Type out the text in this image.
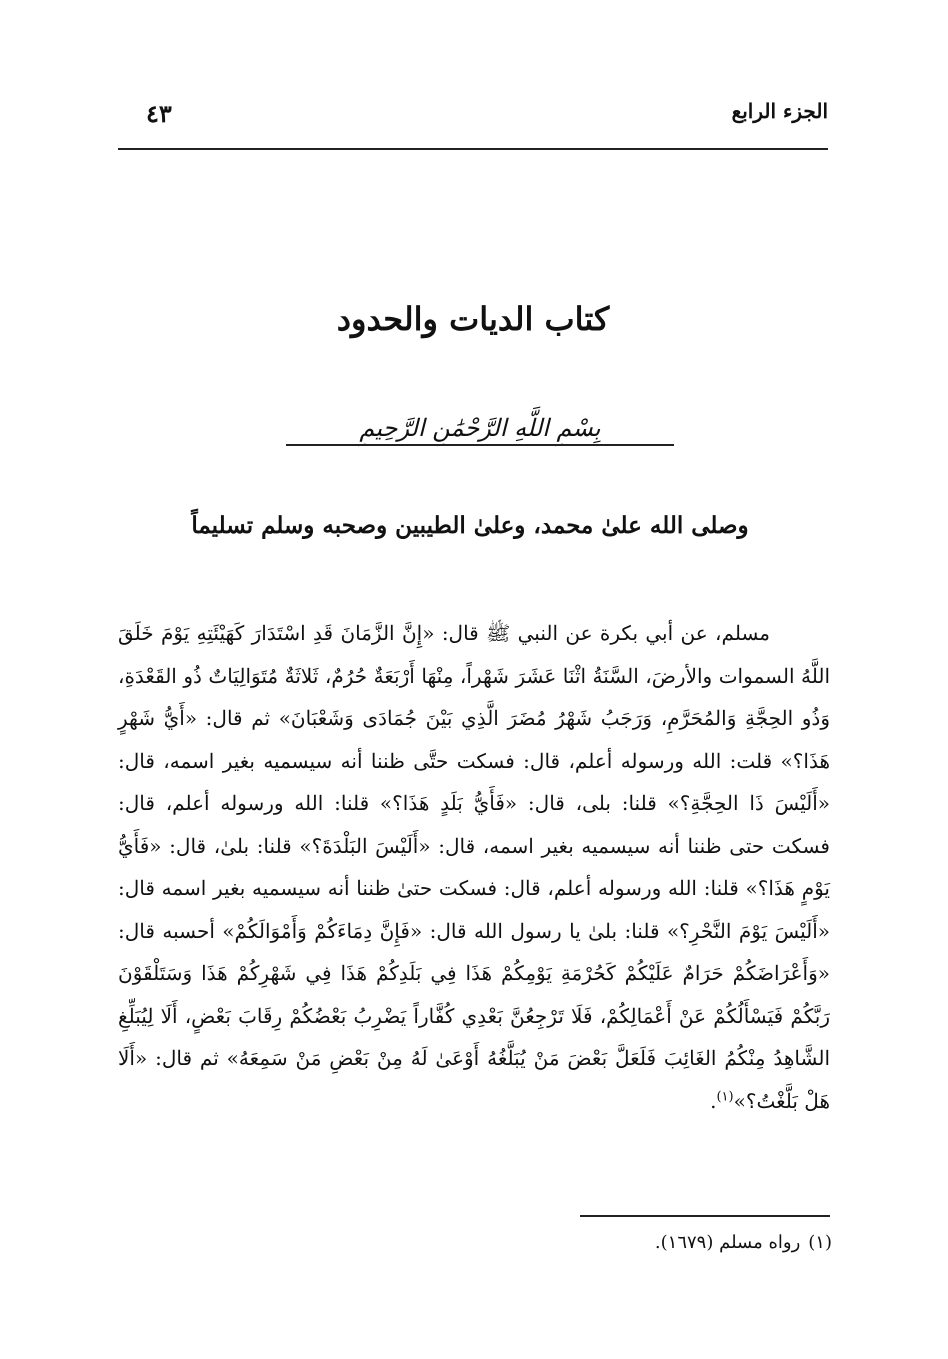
الجزء الرابع
٤٣
كتاب الديات والحدود
بِسْمِ اللَّهِ الرَّحْمَٰنِ الرَّحِيمِ
وصلى الله علىٰ محمد، وعلىٰ الطيبين وصحبه وسلم تسليماً
مسلم، عن أبي بكرة عن النبي ﷺ قال: «إِنَّ الزَّمَانَ قَدِ اسْتَدَارَ كَهَيْئَتِهِ يَوْمَ خَلَقَ اللَّهُ السموات والأرضَ، السَّنَةُ اثْنَا عَشَرَ شَهْراً، مِنْهَا أَرْبَعَةٌ حُرُمٌ، ثَلاثَةٌ مُتَوَالِيَاتٌ ذُو القَعْدَةِ، وَذُو الحِجَّةِ وَالمُحَرَّمِ، وَرَجَبُ شَهْرُ مُضَرَ الَّذِي بَيْنَ جُمَادَى وَشَعْبَانَ» ثم قال: «أَيُّ شَهْرٍ هَذَا؟» قلت: الله ورسوله أعلم، قال: فسكت حتَّى ظننا أنه سيسميه بغير اسمه، قال: «أَلَيْسَ ذَا الحِجَّةِ؟» قلنا: بلى، قال: «فَأَيُّ بَلَدٍ هَذَا؟» قلنا: الله ورسوله أعلم، قال: فسكت حتى ظننا أنه سيسميه بغير اسمه، قال: «أَلَيْسَ البَلْدَةَ؟» قلنا: بلىٰ، قال: «فَأَيُّ يَوْمٍ هَذَا؟» قلنا: الله ورسوله أعلم، قال: فسكت حتىٰ ظننا أنه سيسميه بغير اسمه قال: «أَلَيْسَ يَوْمَ النَّحْرِ؟» قلنا: بلىٰ يا رسول الله قال: «فَإِنَّ دِمَاءَكُمْ وَأَمْوَالَكُمْ» أحسبه قال: «وَأَعْرَاضَكُمْ حَرَامٌ عَلَيْكُمْ كَحُرْمَةِ يَوْمِكُمْ هَذَا فِي بَلَدِكُمْ هَذَا فِي شَهْرِكُمْ هَذَا وَسَتَلْقَوْنَ رَبَّكُمْ فَيَسْأَلُكُمْ عَنْ أَعْمَالِكُمْ، فَلَا تَرْجِعُنَّ بَعْدِي كُفَّاراً يَضْرِبُ بَعْضُكُمْ رِقَابَ بَعْضٍ، أَلَا لِيُبَلِّغِ الشَّاهِدُ مِنْكُمُ الغَائِبَ فَلَعَلَّ بَعْضَ مَنْ يُبَلَّغُهُ أَوْعَىٰ لَهُ مِنْ بَعْضِ مَنْ سَمِعَهُ» ثم قال: «أَلَا هَلْ بَلَّغْتُ؟»$^{(١)}$.
(١)رواه مسلم (١٦٧٩).
